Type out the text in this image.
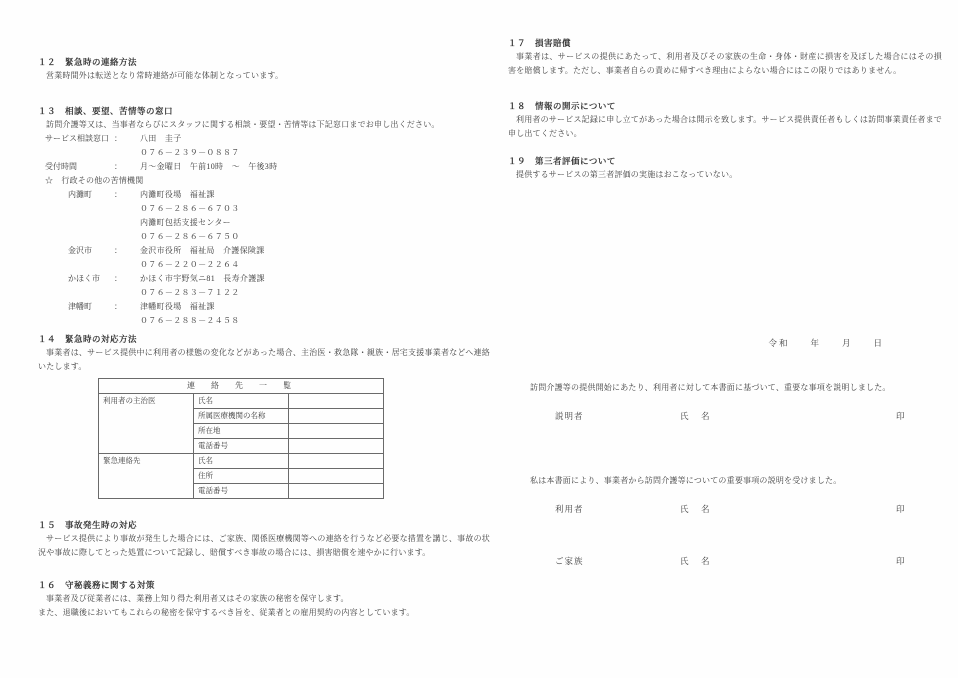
１２　緊急時の連絡方法
営業時間外は転送となり常時連絡が可能な体制となっています。
１３　相談、要望、苦情等の窓口
訪問介護等又は、当事者ならびにスタッフに関する相談・要望・苦情等は下記窓口までお申し出ください。
サービス相談窓口 ： 八田　圭子
０７６－２３９－０８８７
受付時間	： 月～金曜日　午前10時　～　午後3時
☆　行政その他の苦情機関
内灘町	： 内灘町役場　福祉課
０７６－２８６－６７０３
内灘町包括支援センター
０７６－２８６－６７５０
金沢市	： 金沢市役所　福祉局　介護保険課
０７６－２２０－２２６４
かほく市 ： かほく市宇野気ニ81　長寿介護課
０７６－２８３－７１２２
津幡町	： 津幡町役場　福祉課
０７６－２８８－２４５８
１４　緊急時の対応方法
事業者は、サービス提供中に利用者の様態の変化などがあった場合、主治医・救急隊・親族・居宅支援事業者などへ連絡いたします。
連　絡　先　一　覧		
利用者の主治医	氏名	
	所属医療機関の名称	
	所在地	
	電話番号	
緊急連絡先	氏名	
	住所	
	電話番号	
１５　事故発生時の対応
サービス提供により事故が発生した場合には、ご家族、関係医療機関等への連絡を行うなど必要な措置を講じ、事故の状況や事故に際してとった処置について記録し、賠償すべき事故の場合には、損害賠償を速やかに行います。
１６　守秘義務に関する対策
事業者及び従業者には、業務上知り得た利用者又はその家族の秘密を保守します。
また、退職後においてもこれらの秘密を保守するべき旨を、従業者との雇用契約の内容としています。
１７　損害賠償
事業者は、サービスの提供にあたって、利用者及びその家族の生命・身体・財産に損害を及ぼした場合にはその損害を賠償します。ただし、事業者自らの責めに帰すべき理由によらない場合にはこの限りではありません。
１８　情報の開示について
利用者のサービス記録に申し立てがあった場合は開示を致します。サービス提供責任者もしくは訪問事業責任者まで申し出てください。
１９　第三者評価について
提供するサービスの第三者評価の実施はおこなっていない。
令和　　年　　月　　日
訪問介護等の提供開始にあたり、利用者に対して本書面に基づいて、重要な事項を説明しました。
説明者	氏　名	印
私は本書面により、事業者から訪問介護等についての重要事項の説明を受けました。
利用者	氏　名	印
ご家族	氏　名	印
